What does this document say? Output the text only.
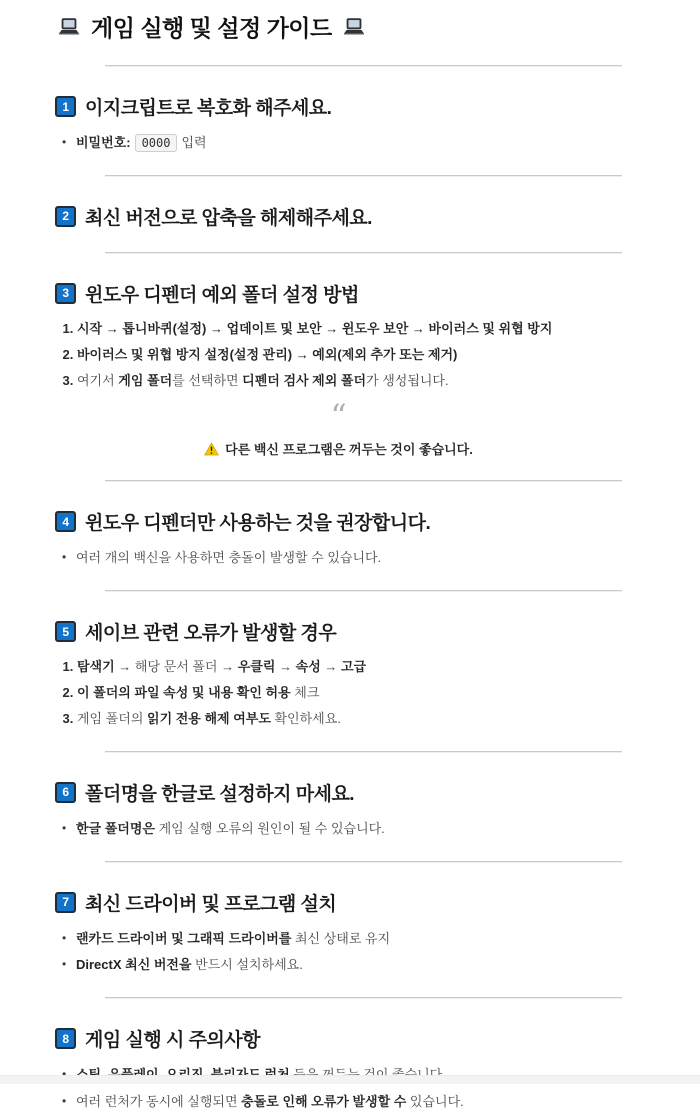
게임 실행 및 설정 가이드
1 이지크립트로 복호화 해주세요.
• 비밀번호: 0000 입력
2 최신 버전으로 압축을 해제해주세요.
3 윈도우 디펜더 예외 폴더 설정 방법
1. 시작 → 톱니바퀴(설정) → 업데이트 및 보안 → 윈도우 보안 → 바이러스 및 위협 방지
2. 바이러스 및 위협 방지 설정(설정 관리) → 예외(제외 추가 또는 제거)
3. 여기서 게임 폴더를 선택하면 디펜더 검사 제외 폴더가 생성됩니다.
“
다른 백신 프로그램은 꺼두는 것이 좋습니다.
4 윈도우 디펜더만 사용하는 것을 권장합니다.
• 여러 개의 백신을 사용하면 충돌이 발생할 수 있습니다.
5 세이브 관련 오류가 발생할 경우
1. 탐색기 → 해당 문서 폴더 → 우클릭 → 속성 → 고급
2. 이 폴더의 파일 속성 및 내용 확인 허용 체크
3. 게임 폴더의 읽기 전용 해제 여부도 확인하세요.
6 폴더명을 한글로 설정하지 마세요.
• 한글 폴더명은 게임 실행 오류의 원인이 될 수 있습니다.
7 최신 드라이버 및 프로그램 설치
• 랜카드 드라이버 및 그래픽 드라이버를 최신 상태로 유지
• DirectX 최신 버전을 반드시 설치하세요.
8 게임 실행 시 주의사항
•
• 여러 런처가 동시에 실행되면 충돌로 인해 오류가 발생할 수 있습니다.
